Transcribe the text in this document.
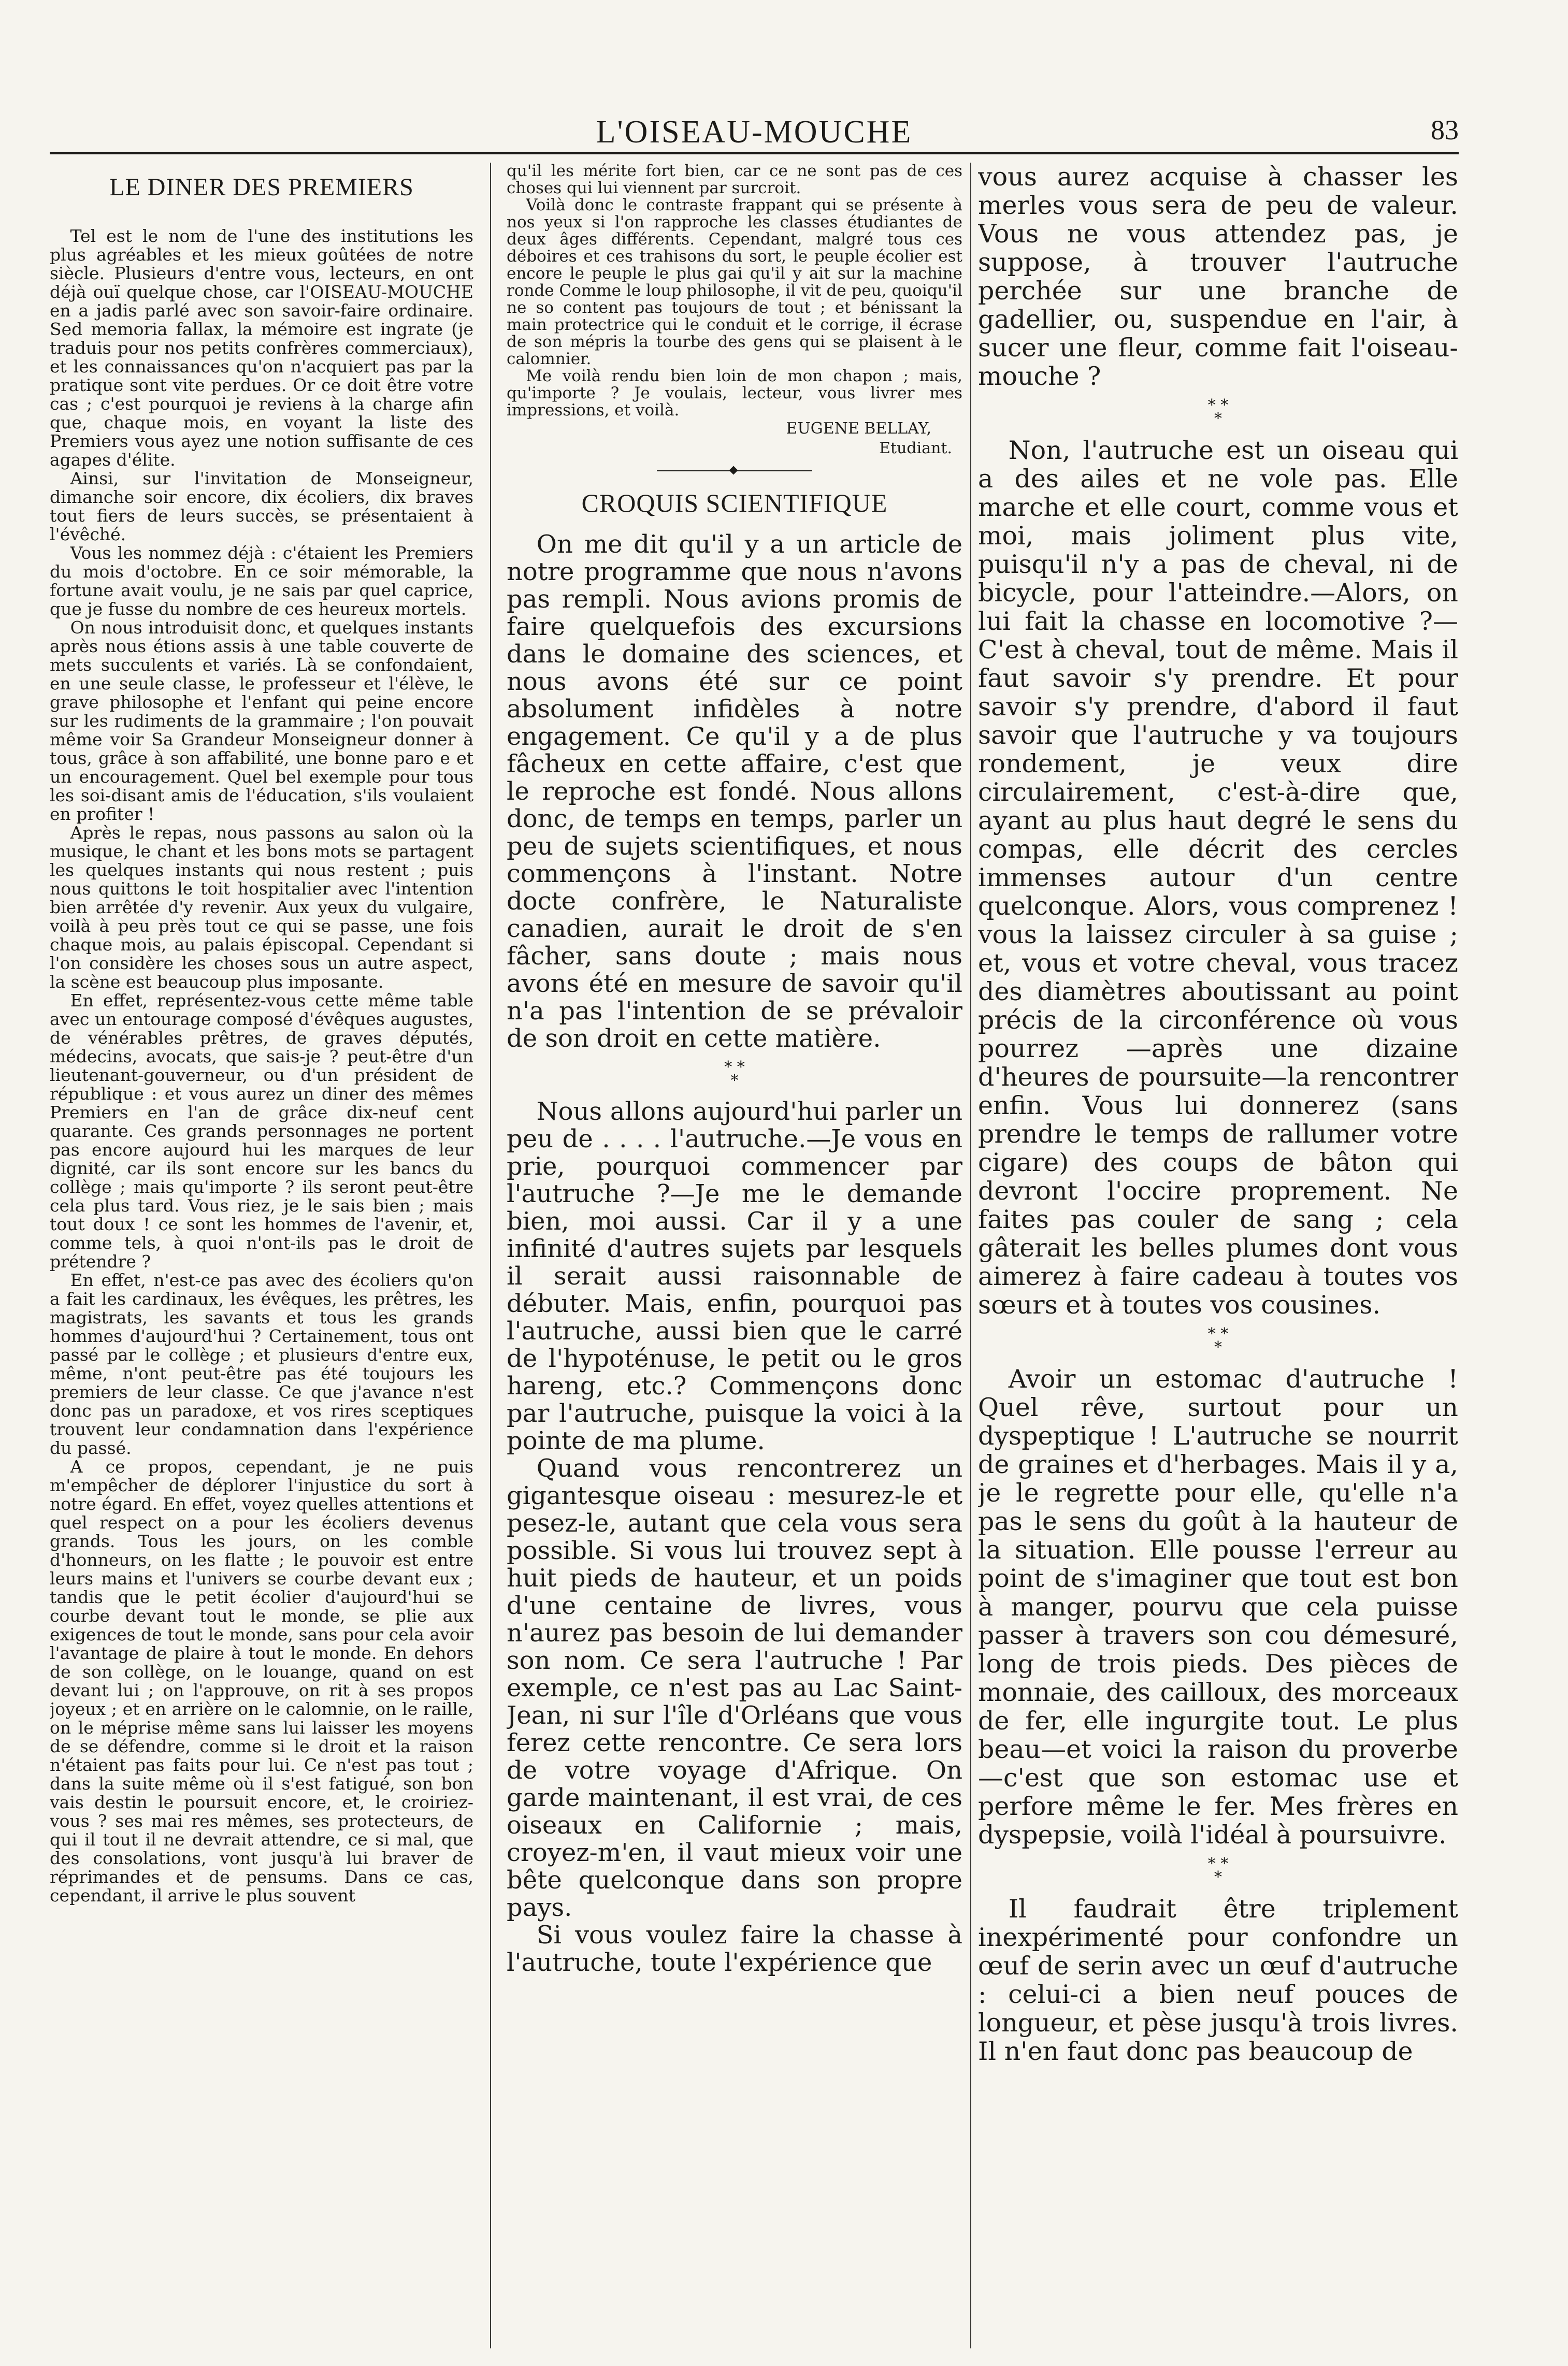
L'OISEAU-MOUCHE	83
LE DINER DES PREMIERS

Tel est le nom de l'une des institutions les plus agréables et les mieux goûtées de notre siècle. Plusieurs d'entre vous, lecteurs, en ont déjà ouï quelque chose, car l'OISEAU-MOUCHE en a jadis parlé avec son savoir-faire ordinaire. Sed memoria fallax, la mémoire est ingrate (je traduis pour nos petits confrères commerciaux), et les connaissances qu'on n'acquiert pas par la pratique sont vite perdues. Or ce doit être votre cas ; c'est pourquoi je reviens à la charge afin que, chaque mois, en voyant la liste des Premiers vous ayez une notion suffisante de ces agapes d'élite.

Ainsi, sur l'invitation de Monseigneur, dimanche soir encore, dix écoliers, dix braves tout fiers de leurs succès, se présentaient à l'évêché.

Vous les nommez déjà : c'étaient les Premiers du mois d'octobre. En ce soir mémorable, la fortune avait voulu, je ne sais par quel caprice, que je fusse du nombre de ces heureux mortels.

On nous introduisit donc, et quelques instants après nous étions assis à une table couverte de mets succulents et variés. Là se confondaient, en une seule classe, le professeur et l'élève, le grave philosophe et l'enfant qui peine encore sur les rudiments de la grammaire ; l'on pouvait même voir Sa Grandeur Monseigneur donner à tous, grâce à son affabilité, une bonne paro e et un encouragement. Quel bel exemple pour tous les soi-disant amis de l'éducation, s'ils voulaient en profiter !

Après le repas, nous passons au salon où la musique, le chant et les bons mots se partagent les quelques instants qui nous restent ; puis nous quittons le toit hospitalier avec l'intention bien arrêtée d'y revenir. Aux yeux du vulgaire, voilà à peu près tout ce qui se passe, une fois chaque mois, au palais épiscopal. Cependant si l'on considère les choses sous un autre aspect, la scène est beaucoup plus imposante.

En effet, représentez-vous cette même table avec un entourage composé d'évêques augustes, de vénérables prêtres, de graves députés, médecins, avocats, que sais-je ? peut-être d'un lieutenant-gouverneur, ou d'un président de république : et vous aurez un diner des mêmes Premiers en l'an de grâce dix-neuf cent quarante. Ces grands personnages ne portent pas encore aujourd hui les marques de leur dignité, car ils sont encore sur les bancs du collège ; mais qu'importe ? ils seront peut-être cela plus tard. Vous riez, je le sais bien ; mais tout doux ! ce sont les hommes de l'avenir, et, comme tels, à quoi n'ont-ils pas le droit de prétendre ?

En effet, n'est-ce pas avec des écoliers qu'on a fait les cardinaux, les évêques, les prêtres, les magistrats, les savants et tous les grands hommes d'aujourd'hui ? Certainement, tous ont passé par le collège ; et plusieurs d'entre eux, même, n'ont peut-être pas été toujours les premiers de leur classe. Ce que j'avance n'est donc pas un paradoxe, et vos rires sceptiques trouvent leur condamnation dans l'expérience du passé.

A ce propos, cependant, je ne puis m'empêcher de déplorer l'injustice du sort à notre égard. En effet, voyez quelles attentions et quel respect on a pour les écoliers devenus grands. Tous les jours, on les comble d'honneurs, on les flatte ; le pouvoir est entre leurs mains et l'univers se courbe devant eux ; tandis que le petit écolier d'aujourd'hui se courbe devant tout le monde, se plie aux exigences de tout le monde, sans pour cela avoir l'avantage de plaire à tout le monde. En dehors de son collège, on le louange, quand on est devant lui ; on l'approuve, on rit à ses propos joyeux ; et en arrière on le calomnie, on le raille, on le méprise même sans lui laisser les moyens de se défendre, comme si le droit et la raison n'étaient pas faits pour lui. Ce n'est pas tout ; dans la suite même où il s'est fatigué, son bon vais destin le poursuit encore, et, le croiriez-vous ? ses mai res mêmes, ses protecteurs, de qui il tout il ne devrait attendre, ce si mal, que des consolations, vont jusqu'à lui braver de réprimandes et de pensums. Dans ce cas, cependant, il arrive le plus souvent

qu'il les mérite fort bien, car ce ne sont pas de ces choses qui lui viennent par surcroit.

Voilà donc le contraste frappant qui se présente à nos yeux si l'on rapproche les classes étudiantes de deux âges différents. Cependant, malgré tous ces déboires et ces trahisons du sort, le peuple écolier est encore le peuple le plus gai qu'il y ait sur la machine ronde Comme le loup philosophe, il vit de peu, quoiqu'il ne so content pas toujours de tout ; et bénissant la main protectrice qui le conduit et le corrige, il écrase de son mépris la tourbe des gens qui se plaisent à le calomnier.

Me voilà rendu bien loin de mon chapon ; mais, qu'importe ? Je voulais, lecteur, vous livrer mes impressions, et voilà.

EUGENE BELLAY,
Etudiant.
CROQUIS SCIENTIFIQUE

On me dit qu'il y a un article de notre programme que nous n'avons pas rempli. Nous avions promis de faire quelquefois des excursions dans le domaine des sciences, et nous avons été sur ce point absolument infidèles à notre engagement. Ce qu'il y a de plus fâcheux en cette affaire, c'est que le reproche est fondé. Nous allons donc, de temps en temps, parler un peu de sujets scientifiques, et nous commençons à l'instant. Notre docte confrère, le Naturaliste canadien, aurait le droit de s'en fâcher, sans doute ; mais nous avons été en mesure de savoir qu'il n'a pas l'intention de se prévaloir de son droit en cette matière.

* *
*

Nous allons aujourd'hui parler un peu de . . . . l'autruche.—Je vous en prie, pourquoi commencer par l'autruche ?—Je me le demande bien, moi aussi. Car il y a une infinité d'autres sujets par lesquels il serait aussi raisonnable de débuter. Mais, enfin, pourquoi pas l'autruche, aussi bien que le carré de l'hypoténuse, le petit ou le gros hareng, etc.? Commençons donc par l'autruche, puisque la voici à la pointe de ma plume.

Quand vous rencontrerez un gigantesque oiseau : mesurez-le et pesez-le, autant que cela vous sera possible. Si vous lui trouvez sept à huit pieds de hauteur, et un poids d'une centaine de livres, vous n'aurez pas besoin de lui demander son nom. Ce sera l'autruche ! Par exemple, ce n'est pas au Lac Saint-Jean, ni sur l'île d'Orléans que vous ferez cette rencontre. Ce sera lors de votre voyage d'Afrique. On garde maintenant, il est vrai, de ces oiseaux en Californie ; mais, croyez-m'en, il vaut mieux voir une bête quelconque dans son propre pays.

Si vous voulez faire la chasse à l'autruche, toute l'expérience que

vous aurez acquise à chasser les merles vous sera de peu de valeur. Vous ne vous attendez pas, je suppose, à trouver l'autruche perchée sur une branche de gadellier, ou, suspendue en l'air, à sucer une fleur, comme fait l'oiseau-mouche ?

* *
*

Non, l'autruche est un oiseau qui a des ailes et ne vole pas. Elle marche et elle court, comme vous et moi, mais joliment plus vite, puisqu'il n'y a pas de cheval, ni de bicycle, pour l'atteindre.—Alors, on lui fait la chasse en locomotive ?—C'est à cheval, tout de même. Mais il faut savoir s'y prendre. Et pour savoir s'y prendre, d'abord il faut savoir que l'autruche y va toujours rondement, je veux dire circulairement, c'est-à-dire que, ayant au plus haut degré le sens du compas, elle décrit des cercles immenses autour d'un centre quelconque. Alors, vous comprenez ! vous la laissez circuler à sa guise ; et, vous et votre cheval, vous tracez des diamètres aboutissant au point précis de la circonférence où vous pourrez —après une dizaine d'heures de poursuite—la rencontrer enfin. Vous lui donnerez (sans prendre le temps de rallumer votre cigare) des coups de bâton qui devront l'occire proprement. Ne faites pas couler de sang ; cela gâterait les belles plumes dont vous aimerez à faire cadeau à toutes vos sœurs et à toutes vos cousines.

* *
*

Avoir un estomac d'autruche ! Quel rêve, surtout pour un dyspeptique ! L'autruche se nourrit de graines et d'herbages. Mais il y a, je le regrette pour elle, qu'elle n'a pas le sens du goût à la hauteur de la situation. Elle pousse l'erreur au point de s'imaginer que tout est bon à manger, pourvu que cela puisse passer à travers son cou démesuré, long de trois pieds. Des pièces de monnaie, des cailloux, des morceaux de fer, elle ingurgite tout. Le plus beau—et voici la raison du proverbe—c'est que son estomac use et perfore même le fer. Mes frères en dyspepsie, voilà l'idéal à poursuivre.

* *
*

Il faudrait être triplement inexpérimenté pour confondre un œuf de serin avec un œuf d'autruche : celui-ci a bien neuf pouces de longueur, et pèse jusqu'à trois livres. Il n'en faut donc pas beaucoup de
